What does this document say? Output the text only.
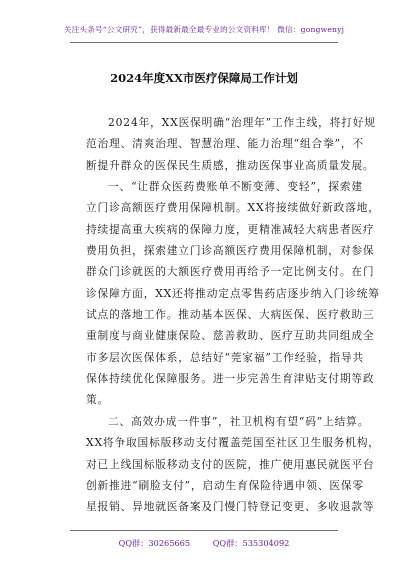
关注头条号“公文研究”，获得最新最全最专业的公文资料库！ 微信：gongwenyj
2024年度XX市医疗保障局工作计划
2024年，XX医保明确“治理年”工作主线，将打好规
范治理、清爽治理、智慧治理、能力治理“组合拳”，不
断提升群众的医保民生质感，推动医保事业高质量发展。
一、“让群众医药费账单不断变薄、变轻”，探索建
立门诊高额医疗费用保障机制。XX将接续做好新政落地，
持续提高重大疾病的保障力度，更精准减轻大病患者医疗
费用负担，探索建立门诊高额医疗费用保障机制，对参保
群众门诊就医的大额医疗费用再给予一定比例支付。在门
诊保障方面，XX还将推动定点零售药店逐步纳入门诊统筹
试点的落地工作。推动基本医保、大病医保、医疗救助三
重制度与商业健康保险、慈善救助、医疗互助共同组成全
市多层次医保体系，总结好“莞家福”工作经验，指导共
保体持续优化保障服务。进一步完善生育津贴支付期等政
策。
二、高效办成一件事”，社卫机构有望“码”上结算。
XX将争取国标版移动支付覆盖莞国至社区卫生服务机构，
对已上线国标版移动支付的医院，推广使用惠民就医平台
创新推进“刷脸支付”，启动生育保险待遇申领、医保零
星报销、异地就医备案及门慢门特登记变更、多收退款等
QQ群：30265665	QQ群：535304092
